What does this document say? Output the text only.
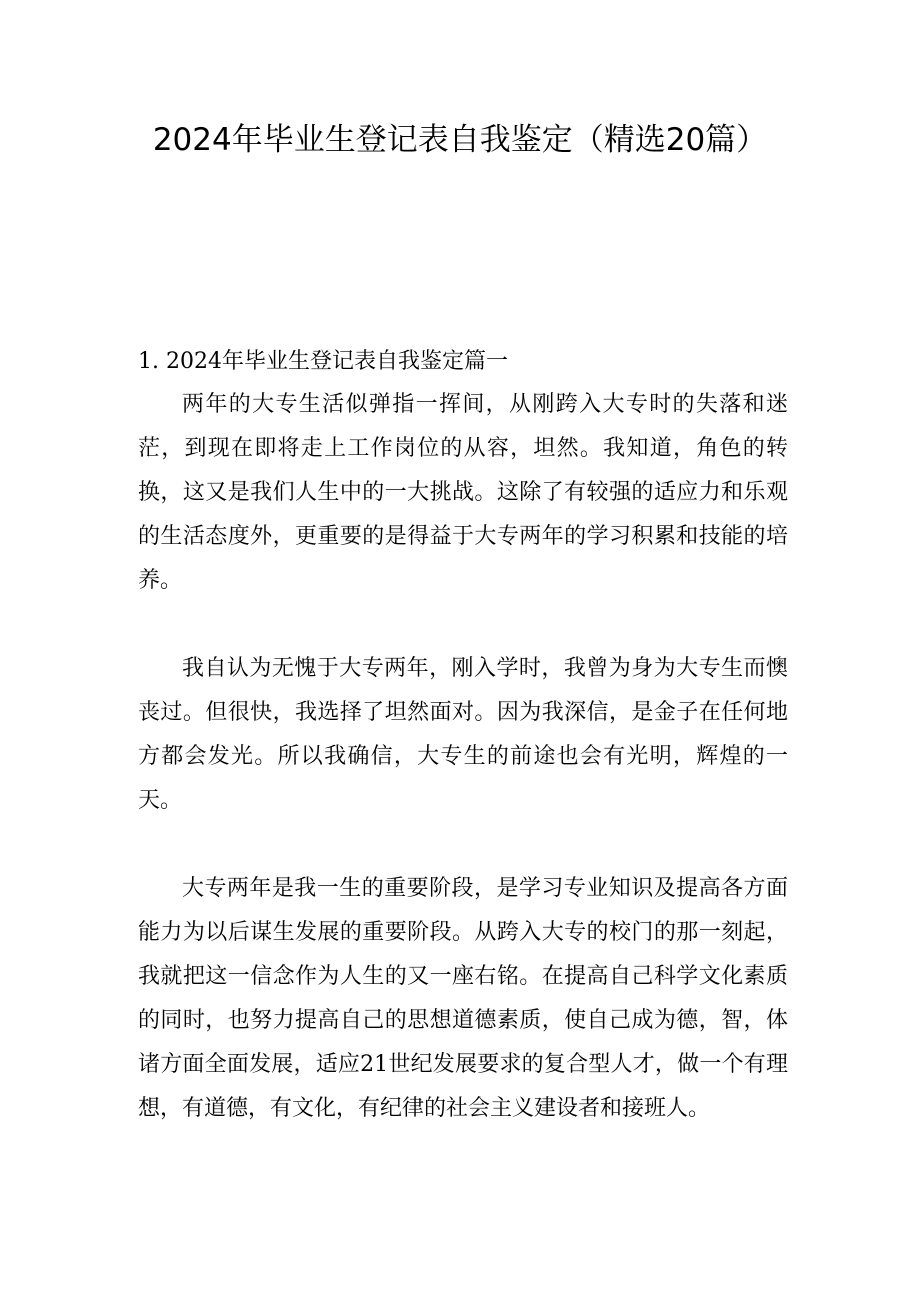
2024年毕业生登记表自我鉴定（精选20篇）
1. 2024年毕业生登记表自我鉴定篇一

两年的大专生活似弹指一挥间，从刚跨入大专时的失落和迷茫，到现在即将走上工作岗位的从容，坦然。我知道，角色的转换，这又是我们人生中的一大挑战。这除了有较强的适应力和乐观的生活态度外，更重要的是得益于大专两年的学习积累和技能的培养。

我自认为无愧于大专两年，刚入学时，我曾为身为大专生而懊丧过。但很快，我选择了坦然面对。因为我深信，是金子在任何地方都会发光。所以我确信，大专生的前途也会有光明，辉煌的一天。

大专两年是我一生的重要阶段，是学习专业知识及提高各方面能力为以后谋生发展的重要阶段。从跨入大专的校门的那一刻起，我就把这一信念作为人生的又一座右铭。在提高自己科学文化素质的同时，也努力提高自己的思想道德素质，使自己成为德，智，体诸方面全面发展，适应21世纪发展要求的复合型人才，做一个有理想，有道德，有文化，有纪律的社会主义建设者和接班人。
